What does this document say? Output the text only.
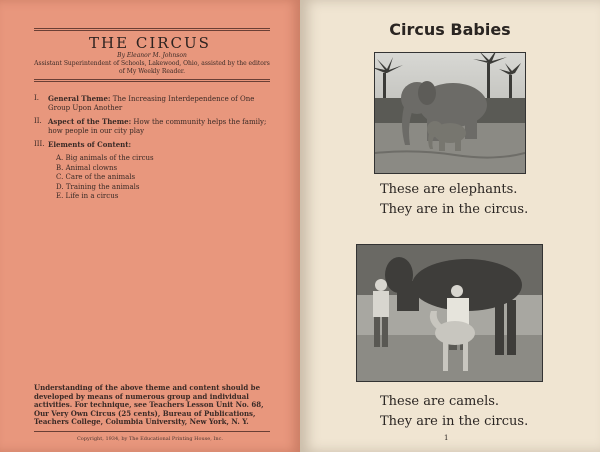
THE CIRCUS
By Eleanor M. Johnson
Assistant Superintendent of Schools, Lakewood, Ohio, assisted by the editors of My Weekly Reader.
I.	General Theme: The Increasing Interdependence of One Group Upon Another
II. Aspect of the Theme: How the community helps the family; how people in our city play
III. Elements of Content:
A. Big animals of the circus
B. Animal clowns
C. Care of the animals
D. Training the animals
E. Life in a circus
Understanding of the above theme and content should be developed by means of numerous group and individual activities. For technique, see Teachers Lesson Unit No. 68, Our Very Own Circus (25 cents), Bureau of Publications, Teachers College, Columbia University, New York, N. Y.
Copyright, 1934, by The Educational Printing House, Inc.
Circus Babies
These are elephants.
They are in the circus.
These are camels.
They are in the circus.
1
